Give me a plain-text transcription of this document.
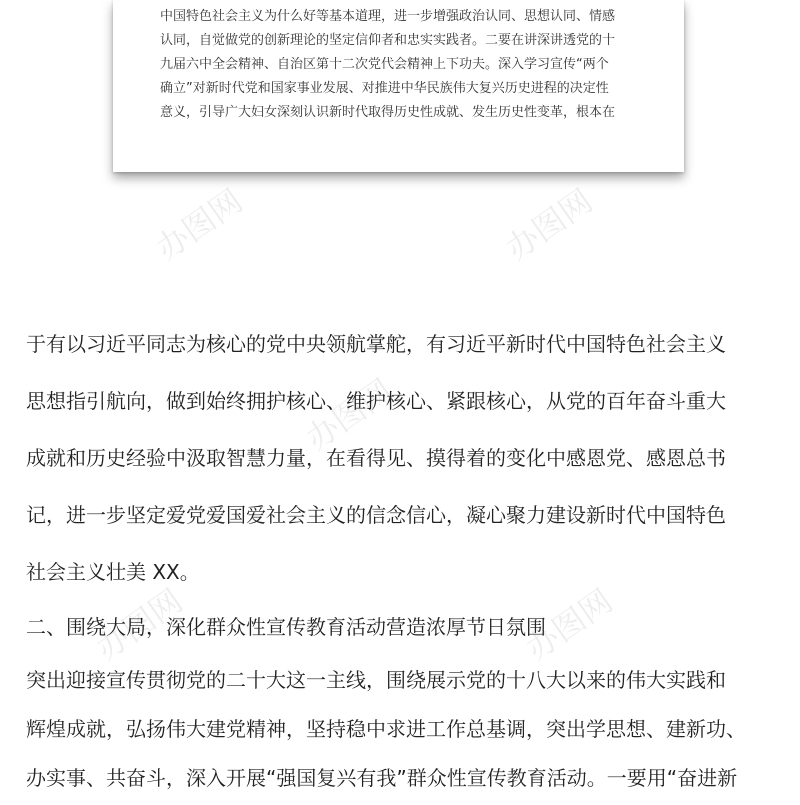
办图网	办图网
办图网
办图网	办图网
中国特色社会主义为什么好等基本道理，进一步增强政治认同、思想认同、情感
认同，自觉做党的创新理论的坚定信仰者和忠实实践者。二要在讲深讲透党的十
九届六中全会精神、自治区第十二次党代会精神上下功夫。深入学习宣传“两个
确立”对新时代党和国家事业发展、对推进中华民族伟大复兴历史进程的决定性
意义，引导广大妇女深刻认识新时代取得历史性成就、发生历史性变革，根本在
于有以习近平同志为核心的党中央领航掌舵，有习近平新时代中国特色社会主义
思想指引航向，做到始终拥护核心、维护核心、紧跟核心，从党的百年奋斗重大
成就和历史经验中汲取智慧力量，在看得见、摸得着的变化中感恩党、感恩总书
记，进一步坚定爱党爱国爱社会主义的信念信心，凝心聚力建设新时代中国特色
社会主义壮美 XX。
二、围绕大局，深化群众性宣传教育活动营造浓厚节日氛围
突出迎接宣传贯彻党的二十大这一主线，围绕展示党的十八大以来的伟大实践和
辉煌成就，弘扬伟大建党精神，坚持稳中求进工作总基调，突出学思想、建新功、
办实事、共奋斗，深入开展“强国复兴有我”群众性宣传教育活动。一要用“奋进新
